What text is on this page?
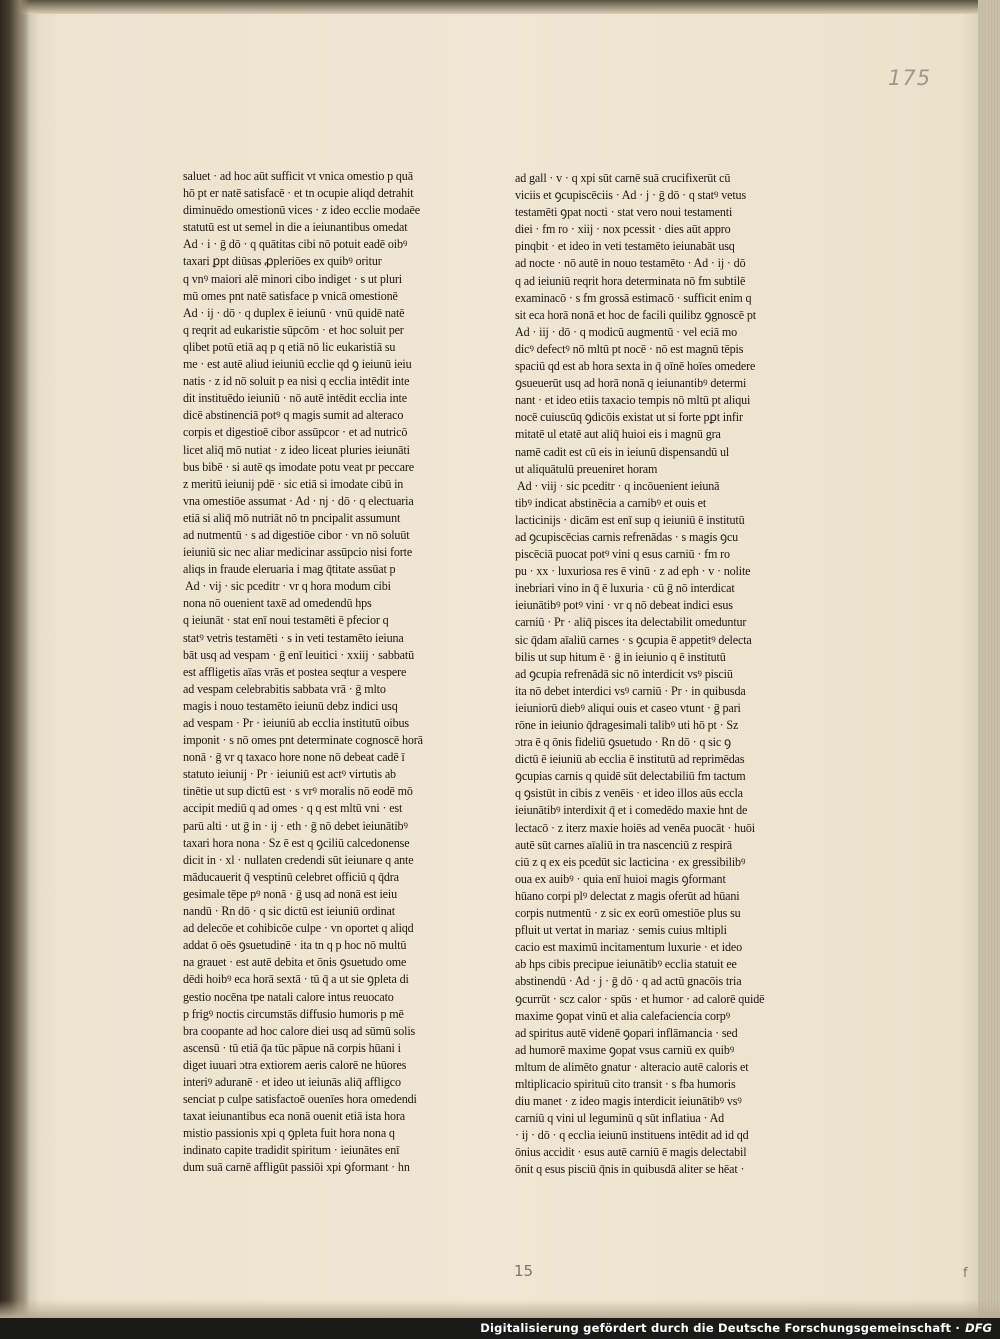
175
saluet · ad hoc aūt sufficit vt vnica omestio p quā
hō pt er natē satisfacē · et tn ocupie aliqd detrahit
diminuēdo omestionū vices · z ideo ecclie modaēe
statutū est ut semel in die a ieiunantibus omedat
Ad · i · ḡ dō · q quātitas cibi nō potuit eadē oibꝰ
taxari ꝑpt diūsas ꝓpleriōes ex quibꝰ oritur
q vnꝰ maiori alē minori cibo indiget · s ut pluri
mū omes pnt natē satisface p vnicā omestionē
Ad · ij · dō · q duplex ē ieiunū · vnū quidē natē
q reqrit ad eukaristie sūpcōm · et hoc soluit per
qlibet potū etiā aq p q etiā nō lic eukaristiā su
me · est autē aliud ieiuniū ecclie qd ꝯ ieiunū ieiu
natis · z id nō soluit p ea nisi q ecclia intēdit inte
dit instituēdo ieiuniū · nō autē intēdit ecclia inte
dicē abstinenciā potꝰ q magis sumit ad alteraco
corpis et digestioē cibor assūpcor · et ad nutricō
licet aliq̄ mō nutiat · z ideo liceat pluries ieiunāti
bus bibē · si autē qs imodate potu veat pr peccare
z meritū ieiunij pdē · sic etiā si imodate cibū in
vna omestiōe assumat · Ad · nj · dō · q electuaria
etiā si aliq̄ mō nutriāt nō tn pncipalit assumunt
ad nutmentū · s ad digestiōe cibor · vn nō soluūt
ieiuniū sic nec aliar medicinar assūpcio nisi forte
aliqs in fraude eleruaria i mag q̄titate assūat p
Ad · vij · sic pceditr · vr q hora modum cibi
nona nō ouenient taxē ad omedendū hps
q ieiunāt · stat enī noui testamēti ē pfecior q
statꝰ vetris testamēti · s in veti testamēto ieiuna
bāt usq ad vespam · ḡ enī leuitici · xxiij · sabbatū
est affligetis aīas vrās et postea seqtur a vespere
ad vespam celebrabitis sabbata vrā · ḡ mlto
magis i nouo testamēto ieiunū debz indici usq
ad vespam · Pr · ieiuniū ab ecclia institutū oibus
imponit · s nō omes pnt determinate cognoscē horā
nonā · ḡ vr q taxaco hore none nō debeat cadē ī
statuto ieiunij · Pr · ieiuniū est actꝰ virtutis ab
tinētie ut sup dictū est · s vrꝰ moralis nō eodē mō
accipit mediū q ad omes · q q est mltū vni · est
parū alti · ut ḡ in · ij · eth · ḡ nō debet ieiunātibꝰ
taxari hora nona · Sz ē est q ꝯciliū calcedonense
dicit in · xl · nullaten credendi sūt ieiunare q ante
māducauerit q̄ vesptinū celebret officiū q q̄dra
gesimale tēpe pꝰ nonā · ḡ usq ad nonā est ieiu
nandū · Rn dō · q sic dictū est ieiuniū ordinat
ad delecōe et cohibicōe culpe · vn oportet q aliqd
addat ō oēs ꝯsuetudinē · ita tn q p hoc nō multū
na grauet · est autē debita et ōnis ꝯsuetudo ome
dēdi hoibꝰ eca horā sextā · tū q̄ a ut sie ꝯpleta di
gestio nocēna tpe natali calore intus reuocato
p frigꝰ noctis circumstās diffusio humoris p mē
bra coopante ad hoc calore diei usq ad sūmū solis
ascensū · tū etiā q̄a tūc pāpue nā corpis hūani i
diget iuuari ɔtra extiorem aeris calorē ne hūores
interiꝰ aduranē · et ideo ut ieiunās aliq̄ affligco
senciat p culpe satisfactoē ouenīes hora omedendi
taxat ieiunantibus eca nonā ouenit etiā ista hora
mistio passionis xpi q ꝯpleta fuit hora nona q
indinato capite tradidit spiritum · ieiunātes enī
dum suā carnē affligūt passiōi xpi ꝯformant · hn
ad gall · v · q xpi sūt carnē suā crucifixerūt cū
viciis et ꝯcupiscēciis · Ad · j · ḡ dō · q statꝰ vetus
testamēti ꝯpat nocti · stat vero noui testamenti
diei · fm ro · xiij · nox pcessit · dies aūt appro
pinqbit · et ideo in veti testamēto ieiunabāt usq
ad nocte · nō autē in nouo testamēto · Ad · ij · dō
q ad ieiuniū reqrit hora determinata nō fm subtilē
examinacō · s fm grossā estimacō · sufficit enim q
sit eca horā nonā et hoc de facili quilibz ꝯgnoscē pt
Ad · iij · dō · q modicū augmentū · vel eciā mo
dicꝰ defectꝰ nō mltū pt nocē · nō est magnū tēpis
spaciū qd est ab hora sexta in q̄ oīnē hoīes omedere
ꝯsueuerūt usq ad horā nonā q ieiunantibꝰ determi
nant · et ideo etiis taxacio tempis nō mltū pt aliqui
nocē cuiuscūq ꝯdicōis existat ut si forte pꝑt infir
mitatē ul etatē aut aliq̄ huioi eis i magnū gra
namē cadit est cū eis in ieiunū dispensandū ul
ut aliquātulū preueniret horam
Ad · viij · sic pceditr · q incōuenient ieiunā
tibꝰ indicat abstinēcia a carnibꝰ et ouis et
lacticinijs · dicām est enī sup q ieiuniū ē institutū
ad ꝯcupiscēcias carnis refrenādas · s magis ꝯcu
piscēciā puocat potꝰ vini q esus carniū · fm ro
pu · xx · luxuriosa res ē vinū · z ad eph · v · nolite
inebriari vino in q̄ ē luxuria · cū ḡ nō interdicat
ieiunātibꝰ potꝰ vini · vr q nō debeat indici esus
carniū · Pr · aliq̄ pisces ita delectabilit omeduntur
sic q̄dam aīaliū carnes · s ꝯcupia ē appetitꝰ delecta
bilis ut sup hitum ē · ḡ in ieiunio q ē institutū
ad ꝯcupia refrenādā sic nō interdicit vsꝰ pisciū
ita nō debet interdici vsꝰ carniū · Pr · in quibusda
ieiuniorū diebꝰ aliqui ouis et caseo vtunt · ḡ pari
rōne in ieiunio q̄dragesimali talibꝰ uti hō pt · Sz
ɔtra ē q ōnis fideliū ꝯsuetudo · Rn dō · q sic ꝯ
dictū ē ieiuniū ab ecclia ē institutū ad reprimēdas
ꝯcupias carnis q quidē sūt delectabiliū fm tactum
q ꝯsistūt in cibis z venēis · et ideo illos aūs eccla
ieiunātibꝰ interdixit q̄ et i comedēdo maxie hnt de
lectacō · z iterz maxie hoiēs ad venēa puocāt · huōi
autē sūt carnes aīaliū in tra nascenciū z respirā
ciū z q ex eis pcedūt sic lacticina · ex gressibilibꝰ
oua ex auibꝰ · quia enī huioi magis ꝯformant
hūano corpi plꝰ delectat z magis oferūt ad hūani
corpis nutmentū · z sic ex eorū omestiōe plus su
pfluit ut vertat in mariaz · semis cuius mltipli
cacio est maximū incitamentum luxurie · et ideo
ab hps cibis precipue ieiunātibꝰ ecclia statuit ee
abstinendū · Ad · j · ḡ dō · q ad actū gnacōis tria
ꝯcurrūt · scz calor · spūs · et humor · ad calorē quidē
maxime ꝯopat vinū et alia calefaciencia corpꝰ
ad spiritus autē videnē ꝯopari inflāmancia · sed
ad humorē maxime ꝯopat vsus carniū ex quibꝰ
mltum de alimēto gnatur · alteracio autē caloris et
mltiplicacio spirituū cito transit · s fba humoris
diu manet · z ideo magis interdicit ieiunātibꝰ vsꝰ
carniū q vini ul leguminū q sūt inflatiua · Ad
· ij · dō · q ecclia ieiunū instituens intēdit ad id qd
ōnius accidit · esus autē carniū ē magis delectabil
ōnit q esus pisciū q̄nis in quibusdā aliter se hēat ·
15	f
Digitalisierung gefördert durch die Deutsche Forschungsgemeinschaft · DFG
